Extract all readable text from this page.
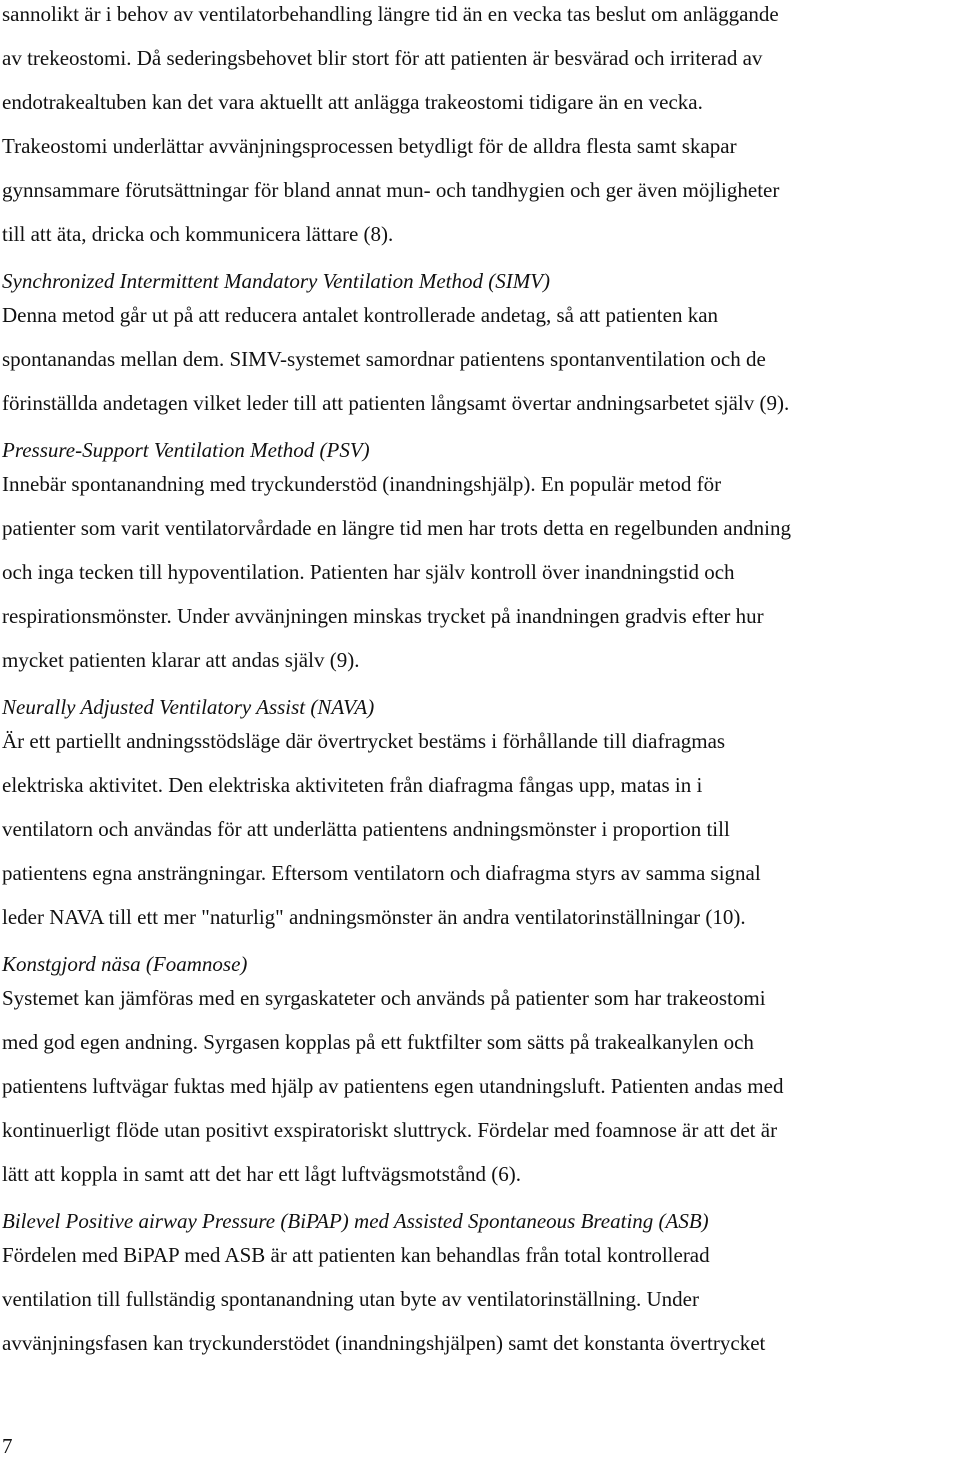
sannolikt är i behov av ventilatorbehandling längre tid än en vecka tas beslut om anläggande
av trekeostomi. Då sederingsbehovet blir stort för att patienten är besvärad och irriterad av
endotrakealtuben kan det vara aktuellt att anlägga trakeostomi tidigare än en vecka.
Trakeostomi underlättar avvänjningsprocessen betydligt för de alldra flesta samt skapar
gynnsammare förutsättningar för bland annat mun- och tandhygien och ger även möjligheter
till att äta, dricka och kommunicera lättare (8).

Synchronized Intermittent Mandatory Ventilation Method (SIMV)

Denna metod går ut på att reducera antalet kontrollerade andetag, så att patienten kan
spontanandas mellan dem. SIMV-systemet samordnar patientens spontanventilation och de
förinställda andetagen vilket leder till att patienten långsamt övertar andningsarbetet själv (9).

Pressure-Support Ventilation Method (PSV)

Innebär spontanandning med tryckunderstöd (inandningshjälp). En populär metod för
patienter som varit ventilatorvårdade en längre tid men har trots detta en regelbunden andning
och inga tecken till hypoventilation. Patienten har själv kontroll över inandningstid och
respirationsmönster. Under avvänjningen minskas trycket på inandningen gradvis efter hur
mycket patienten klarar att andas själv (9).

Neurally Adjusted Ventilatory Assist (NAVA)

Är ett partiellt andningsstödsläge där övertrycket bestäms i förhållande till diafragmas
elektriska aktivitet. Den elektriska aktiviteten från diafragma fångas upp, matas in i
ventilatorn och användas för att underlätta patientens andningsmönster i proportion till
patientens egna ansträngningar. Eftersom ventilatorn och diafragma styrs av samma signal
leder NAVA till ett mer "naturlig" andningsmönster än andra ventilatorinställningar (10).

Konstgjord näsa (Foamnose)

Systemet kan jämföras med en syrgaskateter och används på patienter som har trakeostomi
med god egen andning. Syrgasen kopplas på ett fuktfilter som sätts på trakealkanylen och
patientens luftvägar fuktas med hjälp av patientens egen utandningsluft. Patienten andas med
kontinuerligt flöde utan positivt exspiratoriskt sluttryck. Fördelar med foamnose är att det är
lätt att koppla in samt att det har ett lågt luftvägsmotstånd (6).

Bilevel Positive airway Pressure (BiPAP) med Assisted Spontaneous Breating (ASB)

Fördelen med BiPAP med ASB är att patienten kan behandlas från total kontrollerad
ventilation till fullständig spontanandning utan byte av ventilatorinställning. Under
avvänjningsfasen kan tryckunderstödet (inandningshjälpen) samt det konstanta övertrycket

7
